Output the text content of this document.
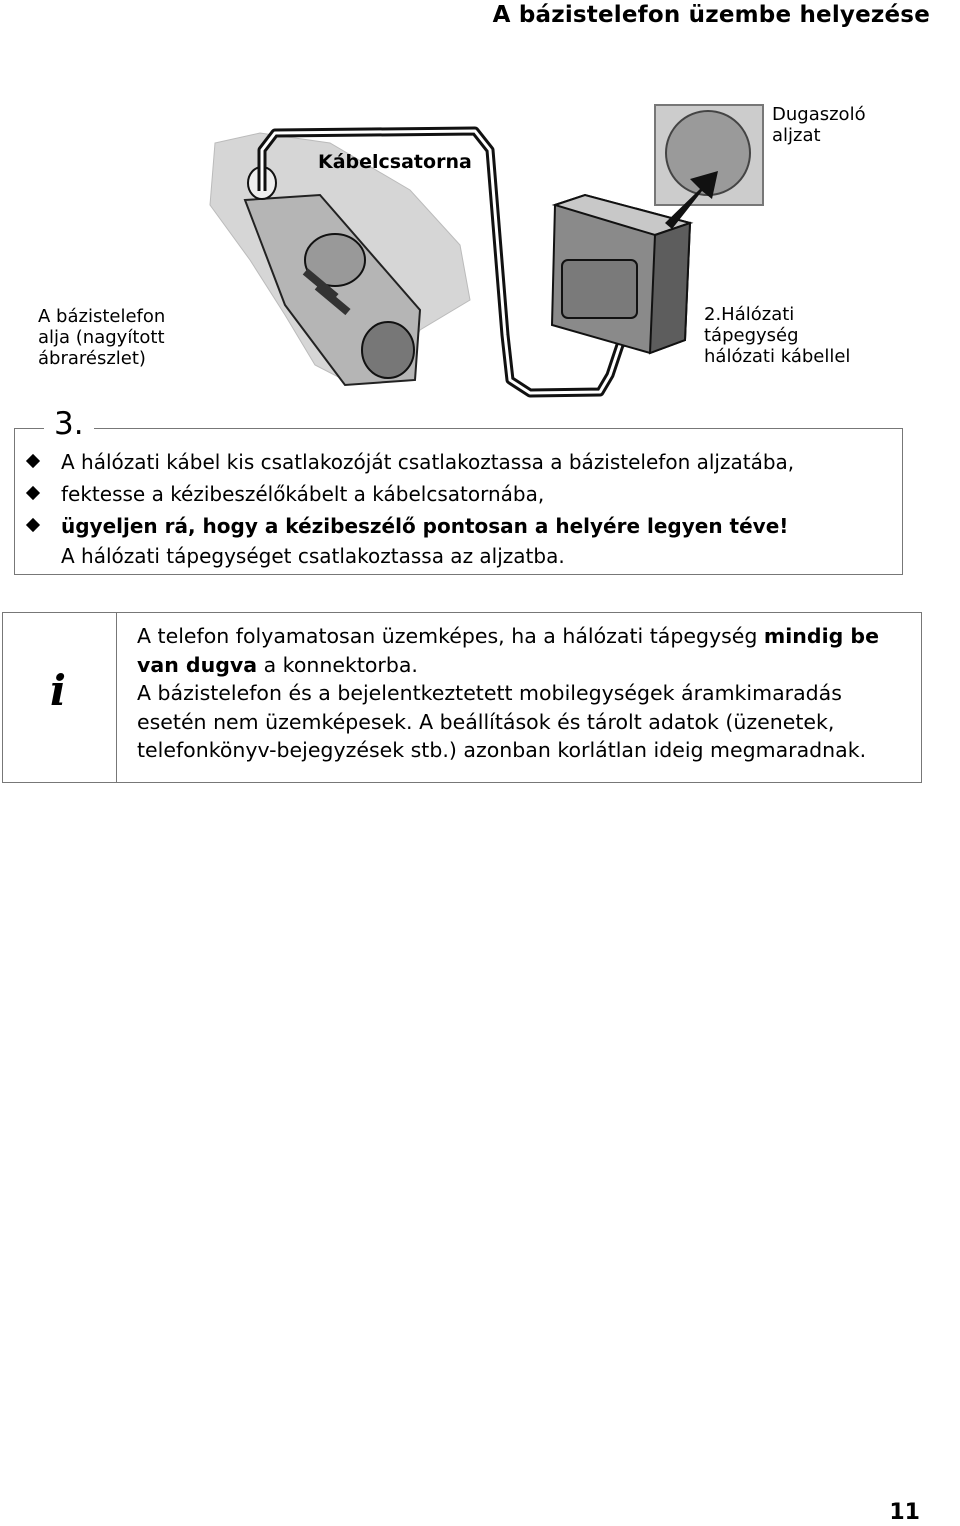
A bázistelefon üzembe helyezése
Kábelcsatorna
Dugaszoló
aljzat
A bázistelefon
alja (nagyított
ábrarészlet)
2.Hálózati
tápegység
hálózati kábellel
3.
A hálózati kábel kis csatlakozóját csatlakoztassa a bázistelefon aljzatába,
fektesse a kézibeszélőkábelt a kábelcsatornába,
ügyeljen rá, hogy a kézibeszélő pontosan a helyére legyen téve!
A hálózati tápegységet csatlakoztassa az aljzatba.
i
A telefon folyamatosan üzemképes, ha a hálózati tápegység mindig be van dugva a konnektorba.
A bázistelefon és a bejelentkeztetett mobilegységek áramkimaradás esetén nem üzemképesek. A beállítások és tárolt adatok (üzenetek, telefonkönyv-bejegyzések stb.) azonban korlátlan ideig megmaradnak.
11
